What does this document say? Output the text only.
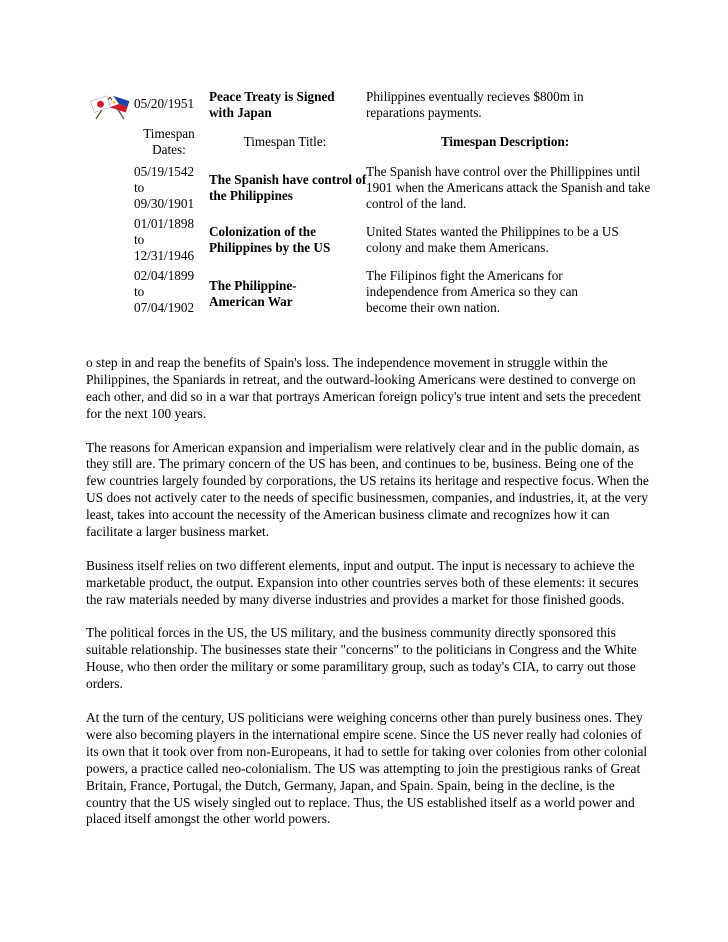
05/20/1951	Peace Treaty is Signed with Japan
Philippines eventually recieves $800m in reparations payments.
Timespan Dates:
Timespan Title:	Timespan Description:
05/19/1542
to
09/30/1901
The Spanish have control of the Philippines
The Spanish have control over the Phillippines until 1901 when the Americans attack the Spanish and take control of the land.
01/01/1898
to
12/31/1946
Colonization of the Philippines by the US
United States wanted the Philippines to be a US colony and make them Americans.
02/04/1899
to
07/04/1902
The Philippine-American War
The Filipinos fight the Americans for independence from America so they can become their own nation.

o step in and reap the benefits of Spain's loss. The independence movement in struggle within the Philippines, the Spaniards in retreat, and the outward-looking Americans were destined to converge on each other, and did so in a war that portrays American foreign policy's true intent and sets the precedent for the next 100 years.

The reasons for American expansion and imperialism were relatively clear and in the public domain, as they still are. The primary concern of the US has been, and continues to be, business. Being one of the few countries largely founded by corporations, the US retains its heritage and respective focus. When the US does not actively cater to the needs of specific businessmen, companies, and industries, it, at the very least, takes into account the necessity of the American business climate and recognizes how it can facilitate a larger business market.

Business itself relies on two different elements, input and output. The input is necessary to achieve the marketable product, the output. Expansion into other countries serves both of these elements: it secures the raw materials needed by many diverse industries and provides a market for those finished goods.

The political forces in the US, the US military, and the business community directly sponsored this suitable relationship. The businesses state their "concerns" to the politicians in Congress and the White House, who then order the military or some paramilitary group, such as today's CIA, to carry out those orders.

At the turn of the century, US politicians were weighing concerns other than purely business ones. They were also becoming players in the international empire scene. Since the US never really had colonies of its own that it took over from non-Europeans, it had to settle for taking over colonies from other colonial powers, a practice called neo-colonialism. The US was attempting to join the prestigious ranks of Great Britain, France, Portugal, the Dutch, Germany, Japan, and Spain. Spain, being in the decline, is the country that the US wisely singled out to replace. Thus, the US established itself as a world power and placed itself amongst the other world powers.
